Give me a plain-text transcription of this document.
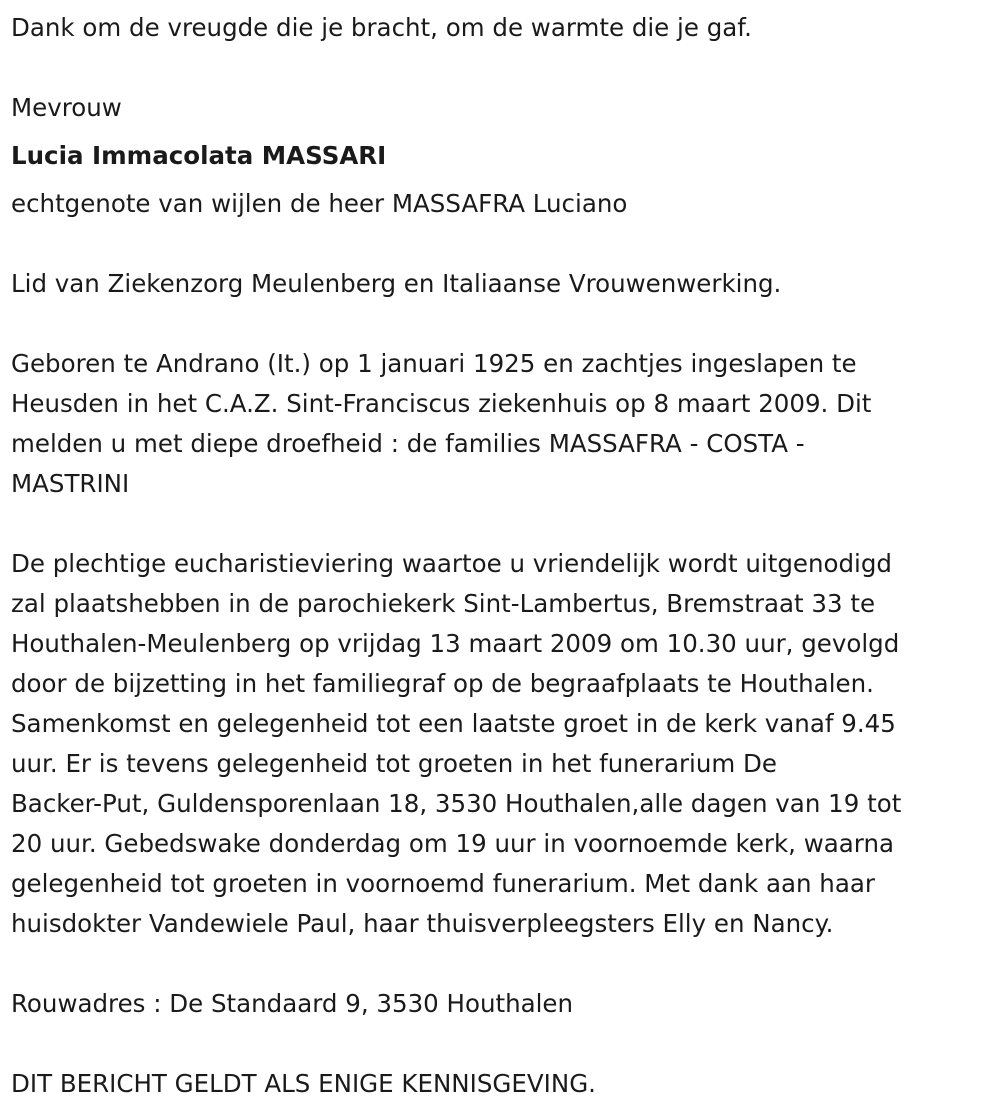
Dank om de vreugde die je bracht, om de warmte die je gaf.

Mevrouw

Lucia Immacolata MASSARI

echtgenote van wijlen de heer MASSAFRA Luciano

Lid van Ziekenzorg Meulenberg en Italiaanse Vrouwenwerking.

Geboren te Andrano (It.) op 1 januari 1925 en zachtjes ingeslapen te
Heusden in het C.A.Z. Sint-Franciscus ziekenhuis op 8 maart 2009. Dit
melden u met diepe droefheid : de families MASSAFRA - COSTA -
MASTRINI

De plechtige eucharistieviering waartoe u vriendelijk wordt uitgenodigd
zal plaatshebben in de parochiekerk Sint-Lambertus, Bremstraat 33 te
Houthalen-Meulenberg op vrijdag 13 maart 2009 om 10.30 uur, gevolgd
door de bijzetting in het familiegraf op de begraafplaats te Houthalen.
Samenkomst en gelegenheid tot een laatste groet in de kerk vanaf 9.45
uur. Er is tevens gelegenheid tot groeten in het funerarium De
Backer-Put, Guldensporenlaan 18, 3530 Houthalen,alle dagen van 19 tot
20 uur. Gebedswake donderdag om 19 uur in voornoemde kerk, waarna
gelegenheid tot groeten in voornoemd funerarium. Met dank aan haar
huisdokter Vandewiele Paul, haar thuisverpleegsters Elly en Nancy.

Rouwadres : De Standaard 9, 3530 Houthalen

DIT BERICHT GELDT ALS ENIGE KENNISGEVING.
